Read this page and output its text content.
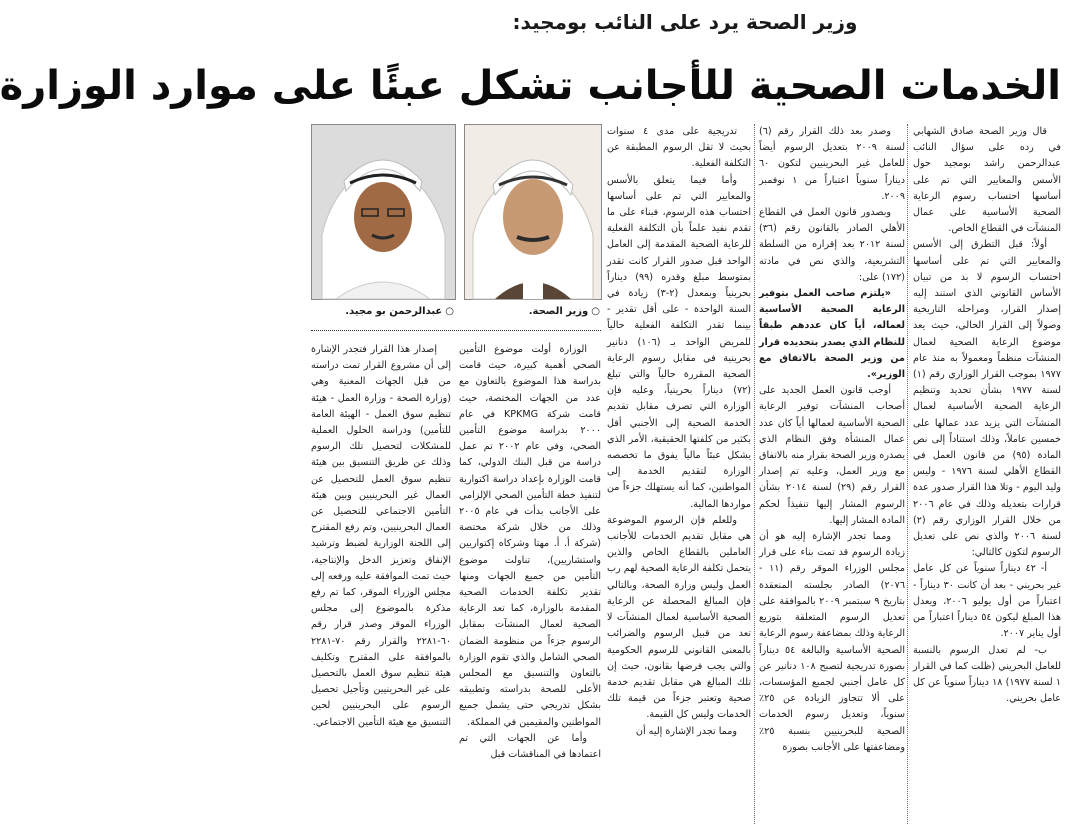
وزير الصحة يرد على النائب بومجيد:
الخدمات الصحية للأجانب تشكل عبئًا على موارد الوزارة

قال وزير الصحة صادق الشهابي في رده على سؤال النائب عبدالرحمن راشد بومجيد حول الأسس والمعايير التي تم على أساسها احتساب رسوم الرعاية الصحية الأساسية على عمال المنشآت في القطاع الخاص.

أولاً: قبل التطرق إلى الأسس والمعايير التي تم على أساسها احتساب الرسوم لا بد من تبيان الأساس القانوني الذي استند إليه إصدار القرار، ومراحله التاريخية وصولاً إلى القرار الحالي، حيث يعد موضوع الرعاية الصحية لعمال المنشآت منظماً ومعمولاً به منذ عام ١٩٧٧ بموجب القرار الوزاري رقم (١) لسنة ١٩٧٧ بشأن تحديد وتنظيم الرعاية الصحية الأساسية لعمال المنشآت التي يزيد عدد عمالها على خمسين عاملاً، وذلك استناداً إلى نص المادة (٩٥) من قانون العمل في القطاع الأهلي لسنة ١٩٧٦ - وليس وليد اليوم - وتلا هذا القرار صدور عدة قرارات بتعديله وذلك في عام ٢٠٠٦ من خلال القرار الوزاري رقم (٢) لسنة ٢٠٠٦ والذي نص على تعديل الرسوم لتكون كالتالي:

أ- ٤٢ ديناراً سنوياً عن كل عامل غير بحريني - بعد أن كانت ٣٠ ديناراً - اعتباراً من أول يوليو ٢٠٠٦، ويعدل هذا المبلغ ليكون ٥٤ ديناراً اعتباراً من أول يناير ٢٠٠٧.

ب- لم تعدل الرسوم بالنسبة للعامل البحريني (ظلت كما في القرار ١ لسنة ١٩٧٧) ١٨ ديناراً سنوياً عن كل عامل بحريني.

وصدر بعد ذلك القرار رقم (٦) لسنة ٢٠٠٩ بتعديل الرسوم أيضاً للعامل غير البحرينيين لتكون ٦٠ ديناراً سنوياً اعتباراً من ١ نوفمبر ٢٠٠٩.

وبصدور قانون العمل في القطاع الأهلي الصادر بالقانون رقم (٣٦) لسنة ٢٠١٢ بعد إقراره من السلطة التشريعية، والذي نص في مادته (١٧٢) على:

«يلتزم صاحب العمل بتوفير الرعاية الصحية الأساسية لعماله، أياً كان عددهم طبقاً للنظام الذي يصدر بتحديده قرار من وزير الصحة بالاتفاق مع الوزير».

أوجب قانون العمل الجديد على أصحاب المنشآت توفير الرعاية الصحية الأساسية لعمالها أياً كان عدد عمال المنشأة وفق النظام الذي يصدره وزير الصحة بقرار منه بالاتفاق مع وزير العمل، وعليه تم إصدار القرار رقم (٢٩) لسنة ٢٠١٤ بشأن الرسوم المشار إليها تنفيذاً لحكم المادة المشار إليها.

ومما تجدر الإشارة إليه هو أن زيادة الرسوم قد تمت بناء على قرار مجلس الوزراء الموقر رقم (١١ - ٢٠٧٦) الصادر بجلسته المنعقدة بتاريخ ٩ سبتمبر ٢٠٠٩ بالموافقة على تعديل الرسوم المتعلقة بتوزيع الرعاية وذلك بمضاعفة رسوم الرعاية الصحية الأساسية والبالغة ٥٤ ديناراً بصورة تدريجية لتصبح ١٠٨ دنانير عن كل عامل أجنبي لجميع المؤسسات، على ألا تتجاوز الزيادة عن ٢٥٪ سنوياً، وتعديل رسوم الخدمات الصحية للبحرينيين بنسبة ٢٥٪ ومضاعفتها على الأجانب بصورة

تدريجية على مدى ٤ سنوات بحيث لا تقل الرسوم المطبقة عن التكلفة الفعلية.

وأما فيما يتعلق بالأسس والمعايير التي تم على أساسها احتساب هذه الرسوم، فبناء على ما تقدم نفيد علماً بأن التكلفة الفعلية للرعاية الصحية المقدمة إلى العامل الواحد قبل صدور القرار كانت تقدر بمتوسط مبلغ وقدره (٩٩) ديناراً بحرينياً وبمعدل (٢-٣) زيادة في السنة الواحدة - على أقل تقدير - بينما تقدر التكلفة الفعلية حالياً للمريض الواحد بـ (١٠٦) دنانير بحرينية في مقابل رسوم الرعاية الصحية المقررة حالياً والتي تبلغ (٧٢) ديناراً بحرينياً، وعليه فإن الوزارة التي تصرف مقابل تقديم الخدمة الصحية إلى الأجنبي أقل بكثير من كلفتها الحقيقية، الأمر الذي يشكل عبئاً مالياً يفوق ما تخصصه الوزارة لتقديم الخدمة إلى المواطنين، كما أنه يستهلك جزءاً من مواردها المالية.

وللعلم فإن الرسوم الموضوعة هي مقابل تقديم الخدمات للأجانب العاملين بالقطاع الخاص والذين يتحمل تكلفة الرعاية الصحية لهم رب العمل وليس وزارة الصحة، وبالتالي فإن المبالغ المحصلة عن الرعاية الصحية الأساسية لعمال المنشآت لا تعد من قبيل الرسوم والضرائب بالمعنى القانوني للرسوم الحكومية والتي يجب فرضها بقانون، حيث إن تلك المبالغ هي مقابل تقديم خدمة صحية وتعتبر جزءاً من قيمة تلك الخدمات وليس كل القيمة.

ومما تجدر الإشارة إليه أن

○وزير الصحة.
○عبدالرحمن بو مجيد.

الوزارة أولت موضوع التأمين الصحي أهمية كبيرة، حيث قامت بدراسة هذا الموضوع بالتعاون مع عدد من الجهات المختصة، حيث قامت شركة KPKMG في عام ٢٠٠٠ بدراسة موضوع التأمين الصحي، وفي عام ٢٠٠٢ تم عمل دراسة من قبل البنك الدولي، كما قامت الوزارة بإعداد دراسة اكتوارية لتنفيذ خطة التأمين الصحي الإلزامي على الأجانب بدأت في عام ٢٠٠٥ وذلك من خلال شركة مختصة (شركة أ. أ. مهتا وشركاه إكتواريين واستشاريين)، تناولت موضوع التأمين من جميع الجهات ومنها تقدير تكلفة الخدمات الصحية المقدمة بالوزارة، كما تعد الرعاية الصحية لعمال المنشآت بمقابل الرسوم جزءاً من منظومة الضمان الصحي الشامل والذي تقوم الوزارة بالتعاون والتنسيق مع المجلس الأعلى للصحة بدراسته وتطبيقه بشكل تدريجي حتى يشمل جميع المواطنين والمقيمين في المملكة.

وأما عن الجهات التي تم اعتمادها في المناقشات قبل

إصدار هذا القرار فتجدر الإشارة إلى أن مشروع القرار تمت دراسته من قبل الجهات المعنية وهي (وزارة الصحة - وزارة العمل - هيئة تنظيم سوق العمل - الهيئة العامة للتأمين) ودراسة الحلول العملية للمشكلات لتحصيل تلك الرسوم وذلك عن طريق التنسيق بين هيئة تنظيم سوق العمل للتحصيل عن العمال غير البحرينيين وبين هيئة التأمين الاجتماعي للتحصيل عن العمال البحرينيين، وتم رفع المقترح إلى اللجنة الوزارية لضبط وترشيد الإنفاق وتعزيز الدخل والإنتاجية، حيث تمت الموافقة عليه ورفعه إلى مجلس الوزراء الموقر، كما تم رفع مذكرة بالموضوع إلى مجلس الوزراء الموقر وصدر قرار رقم ٦٠-٢٢٨١ والقرار رقم ٧٠-٢٢٨١ بالموافقة على المقترح وتكليف هيئة تنظيم سوق العمل بالتحصيل على غير البحرينيين وتأجيل تحصيل الرسوم على البحرينيين لحين التنسيق مع هيئة التأمين الاجتماعي.
